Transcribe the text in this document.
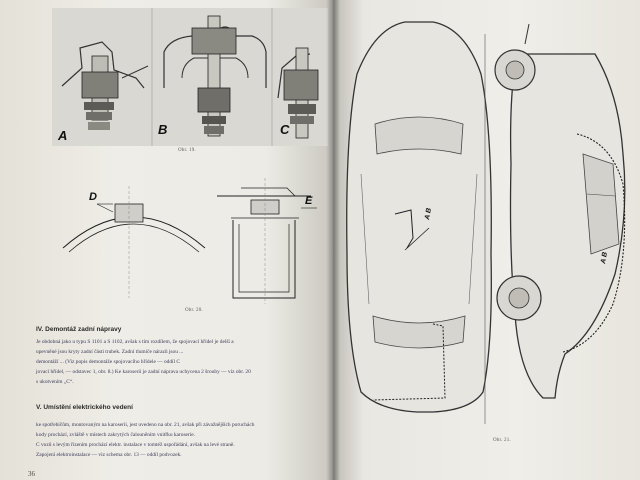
A	B	C
Obr. 19.
D	E
Obr. 20.
IV. Demontáž zadní nápravy
Je obdobná jako u typu S 1101 a S 1102, avšak s tím rozdílem, že spojovací hřídel je delší a
upevněné jsou kryty zadní části trubek. Zadní tlumiče nárazů jsou ...
demontáží ... (Viz popis demontáže spojovacího hřídele — oddíl C
jovací hřídel, — odstavec 1, obr. 8.) Ke karoserii je zadní náprava uchycena 2 šrouby — viz obr. 20
s ukotvením „C“.
V. Umístění elektrického vedení
ke spotřebičům, montovaným na karoserii, jest uvedeno na obr. 21, avšak při závažnějších poruchách
kody prochází, zvláště v místech zakrytých čalouněním vnitřku karoserie.
C vozů s levým řízením prochází elektr. instalace v tomtéž uspořádání, avšak na levé straně.
Zapojení elektroinstalace — viz schema obr. 13 — oddíl podvozek.
36
A B
A B
Obr. 21.
